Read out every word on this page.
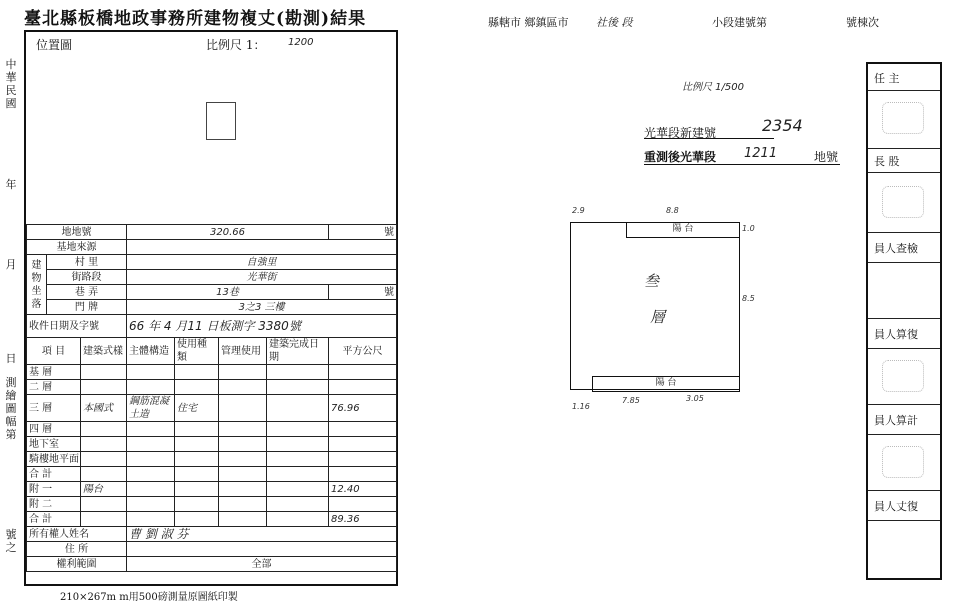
臺北縣板橋地政事務所建物複丈(勘測)結果
中華民國
年
月
日
測繪圖幅第
號之
位置圖	比例尺 1： 1200
地地號			320.66				號
基地來源							
建物坐落	村 里		自強里				
	街路段		光華街				
	巷 弄		13巷				號
	門 牌		3之3 三樓				
收件日期及字號			66 年 4 月11 日板測字 3380號				
項 目		建築式樣	主體構造	使用種類	管理使用	建築完成日 期	平方公尺
基 層							
二 層							
三 層		本國式	鋼筋混凝土造	住宅			76.96
四 層							
地下室							
騎樓地平面							
合 計							
附 一		陽台					12.40
附 二							
合 計							89.36
所有權人姓名			曹 劉 淑 芬				
住 所							
權利範圍			全部				
210×267m m用500磅測量原圖紙印製
縣轄市 鄉鎮區市	社後 段	小段建號第	號棟次
比例尺 1/500
光華段新建號	2354
重測後光華段 1211	地號
陽 台
陽 台
叁
層
2.9	8.8
1.0
8.5
1.16
7.85	3.05
任 主
長 股
員人查檢
員人算復
員人算計
員人丈復
